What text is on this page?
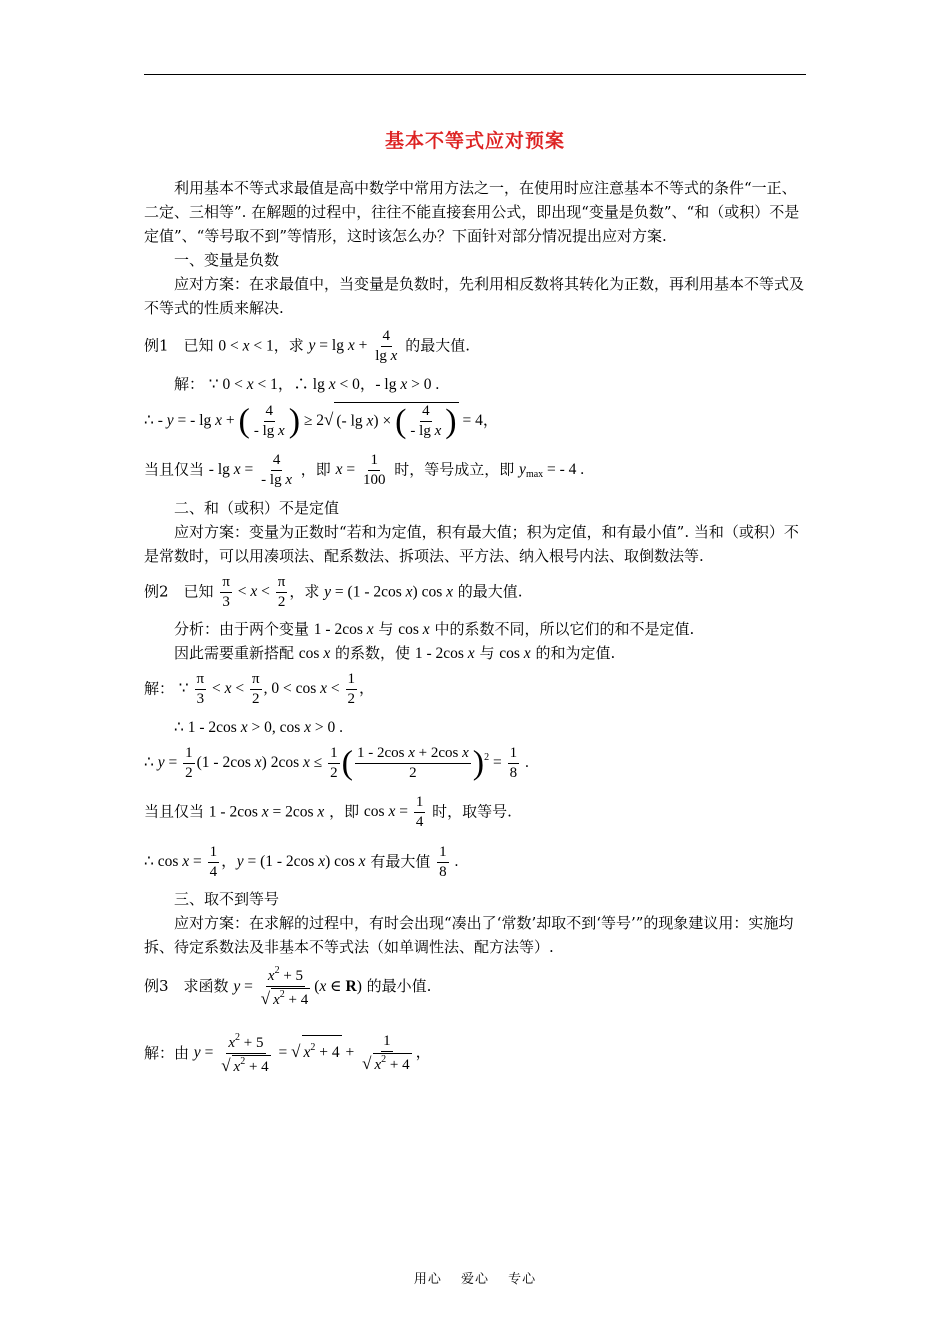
基本不等式应对预案

利用基本不等式求最值是高中数学中常用方法之一，在使用时应注意基本不等式的条件“一正、二定、三相等”. 在解题的过程中，往往不能直接套用公式，即出现“变量是负数”、“和（或积）不是定值”、“等号取不到”等情形，这时该怎么办？下面针对部分情况提出应对方案.

一、变量是负数

应对方案：在求最值中，当变量是负数时，先利用相反数将其转化为正数，再利用基本不等式及不等式的性质来解决.

例1　已知 0 < x < 1，求 $y = \lg x + \frac{4}{\text{lg x}}$ 的最大值.
解： ∵ 0 < x < 1，∴ lg x < 0，- lg x > 0 .
∴ - y = - lg x + ( $\frac{4}{\text{- lg x}}$ ) ≥ 2√ (- lg x) × ( $\frac{4}{\text{- lg x}}$ ) = 4，
当且仅当 - $\lg x = \frac{4}{\text{- lg x}}$ ，即 $x = \frac{1}{100}$ 时，等号成立，即 $y_{max}$ = - 4 .
二、和（或积）不是定值

应对方案：变量为正数时“若和为定值，积有最大值；积为定值，和有最小值”. 当和（或积）不是常数时，可以用凑项法、配系数法、拆项法、平方法、纳入根号内法、取倒数法等.

例2　已知 $\frac{\pi}{3} < x < \frac{\pi}{2}$ ，求 y = (1 - 2cos x) cos x 的最大值.
分析：由于两个变量 1 - 2cos x 与 cos x 中的系数不同，所以它们的和不是定值.
因此需要重新搭配 cos x 的系数，使 1 - 2cos x 与 cos x 的和为定值.
解： ∵ $\frac{\pi}{3} < x < \frac{\pi}{2}$ , $0 < \cos x < \frac{1}{2}$ ，
∴ 1 - 2cos x > 0, cos x > 0 .
∴ $y = \frac{1}{2} (1 - 2\cos$ x) 2cos $x \le \frac{1}{2}$ ( $\frac{\text{1 - 2cos x + 2cos x}}{2} )^2 = \frac{1}{8}$ .
当且仅当 1 - 2cos x = 2cos x ，即 $\cos x = \frac{1}{4}$ 时，取等号.
∴ $\cos x = \frac{1}{4}$ ，y = (1 - 2cos x) cos x 有最大值 $\frac{1}{8}$ .
三、取不到等号

应对方案：在求解的过程中，有时会出现“凑出了‘常数’却取不到‘等号’”的现象建议用：实施均拆、待定系数法及非基本不等式法（如单调性法、配方法等）.

例3　求函数 $y = \frac{x^2 + 5}{√ x^2 + 4} (x$ ∈ R) 的最小值.
解：由 $y = \frac{x^2 + 5}{√ x^2 + 4}$ = √ $x^2 + 4 + \frac{1}{√ x^2 + 4}$ ，
用心 爱心 专心
